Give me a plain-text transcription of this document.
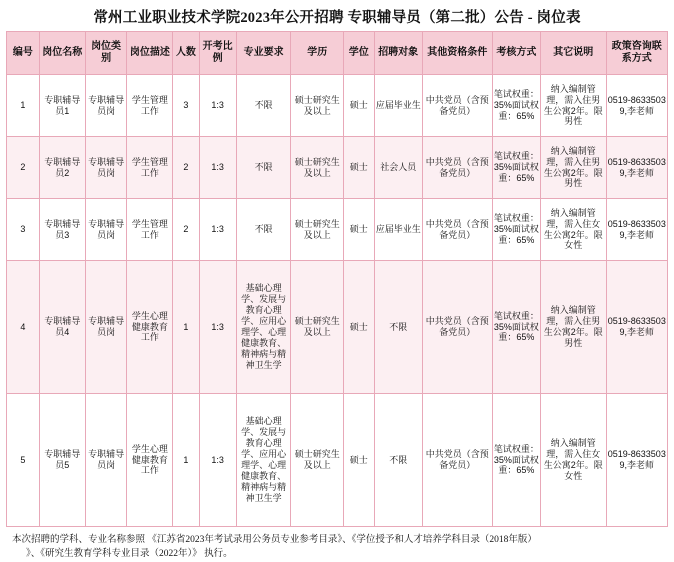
常州工业职业技术学院2023年公开招聘 专职辅导员（第二批）公告 - 岗位表
编号	岗位名称	岗位类别	岗位描述	人数	开考比例	专业要求	学历	学位	招聘对象	其他资格条件	考核方式	其它说明	政策咨询联系方式
1	专职辅导员1	专职辅导员岗	学生管理工作	3	1:3	不限	硕士研究生及以上	硕士	应届毕业生	中共党员（含预备党员）	笔试权重：35%面试权重：65%	纳入编制管理，需入住男生公寓2年。限男性	0519-86335039,李老师
2	专职辅导员2	专职辅导员岗	学生管理工作	2	1:3	不限	硕士研究生及以上	硕士	社会人员	中共党员（含预备党员）	笔试权重：35%面试权重：65%	纳入编制管理，需入住男生公寓2年。限男性	0519-86335039,李老师
3	专职辅导员3	专职辅导员岗	学生管理工作	2	1:3	不限	硕士研究生及以上	硕士	应届毕业生	中共党员（含预备党员）	笔试权重：35%面试权重：65%	纳入编制管理，需入住女生公寓2年。限女性	0519-86335039,李老师
4	专职辅导员4	专职辅导员岗	学生心理健康教育工作	1	1:3	基础心理学、发展与教育心理学、应用心理学、心理健康教育、精神病与精神卫生学	硕士研究生及以上	硕士	不限	中共党员（含预备党员）	笔试权重：35%面试权重：65%	纳入编制管理，需入住男生公寓2年。限男性	0519-86335039,李老师
5	专职辅导员5	专职辅导员岗	学生心理健康教育工作	1	1:3	基础心理学、发展与教育心理学、应用心理学、心理健康教育、精神病与精神卫生学	硕士研究生及以上	硕士	不限	中共党员（含预备党员）	笔试权重：35%面试权重：65%	纳入编制管理，需入住女生公寓2年。限女性	0519-86335039,李老师
本次招聘的学科、专业名称参照 《江苏省2023年考试录用公务员专业参考目录》、《学位授予和人才培养学科目录（2018年版）
》、《研究生教育学科专业目录（2022年）》 执行。
